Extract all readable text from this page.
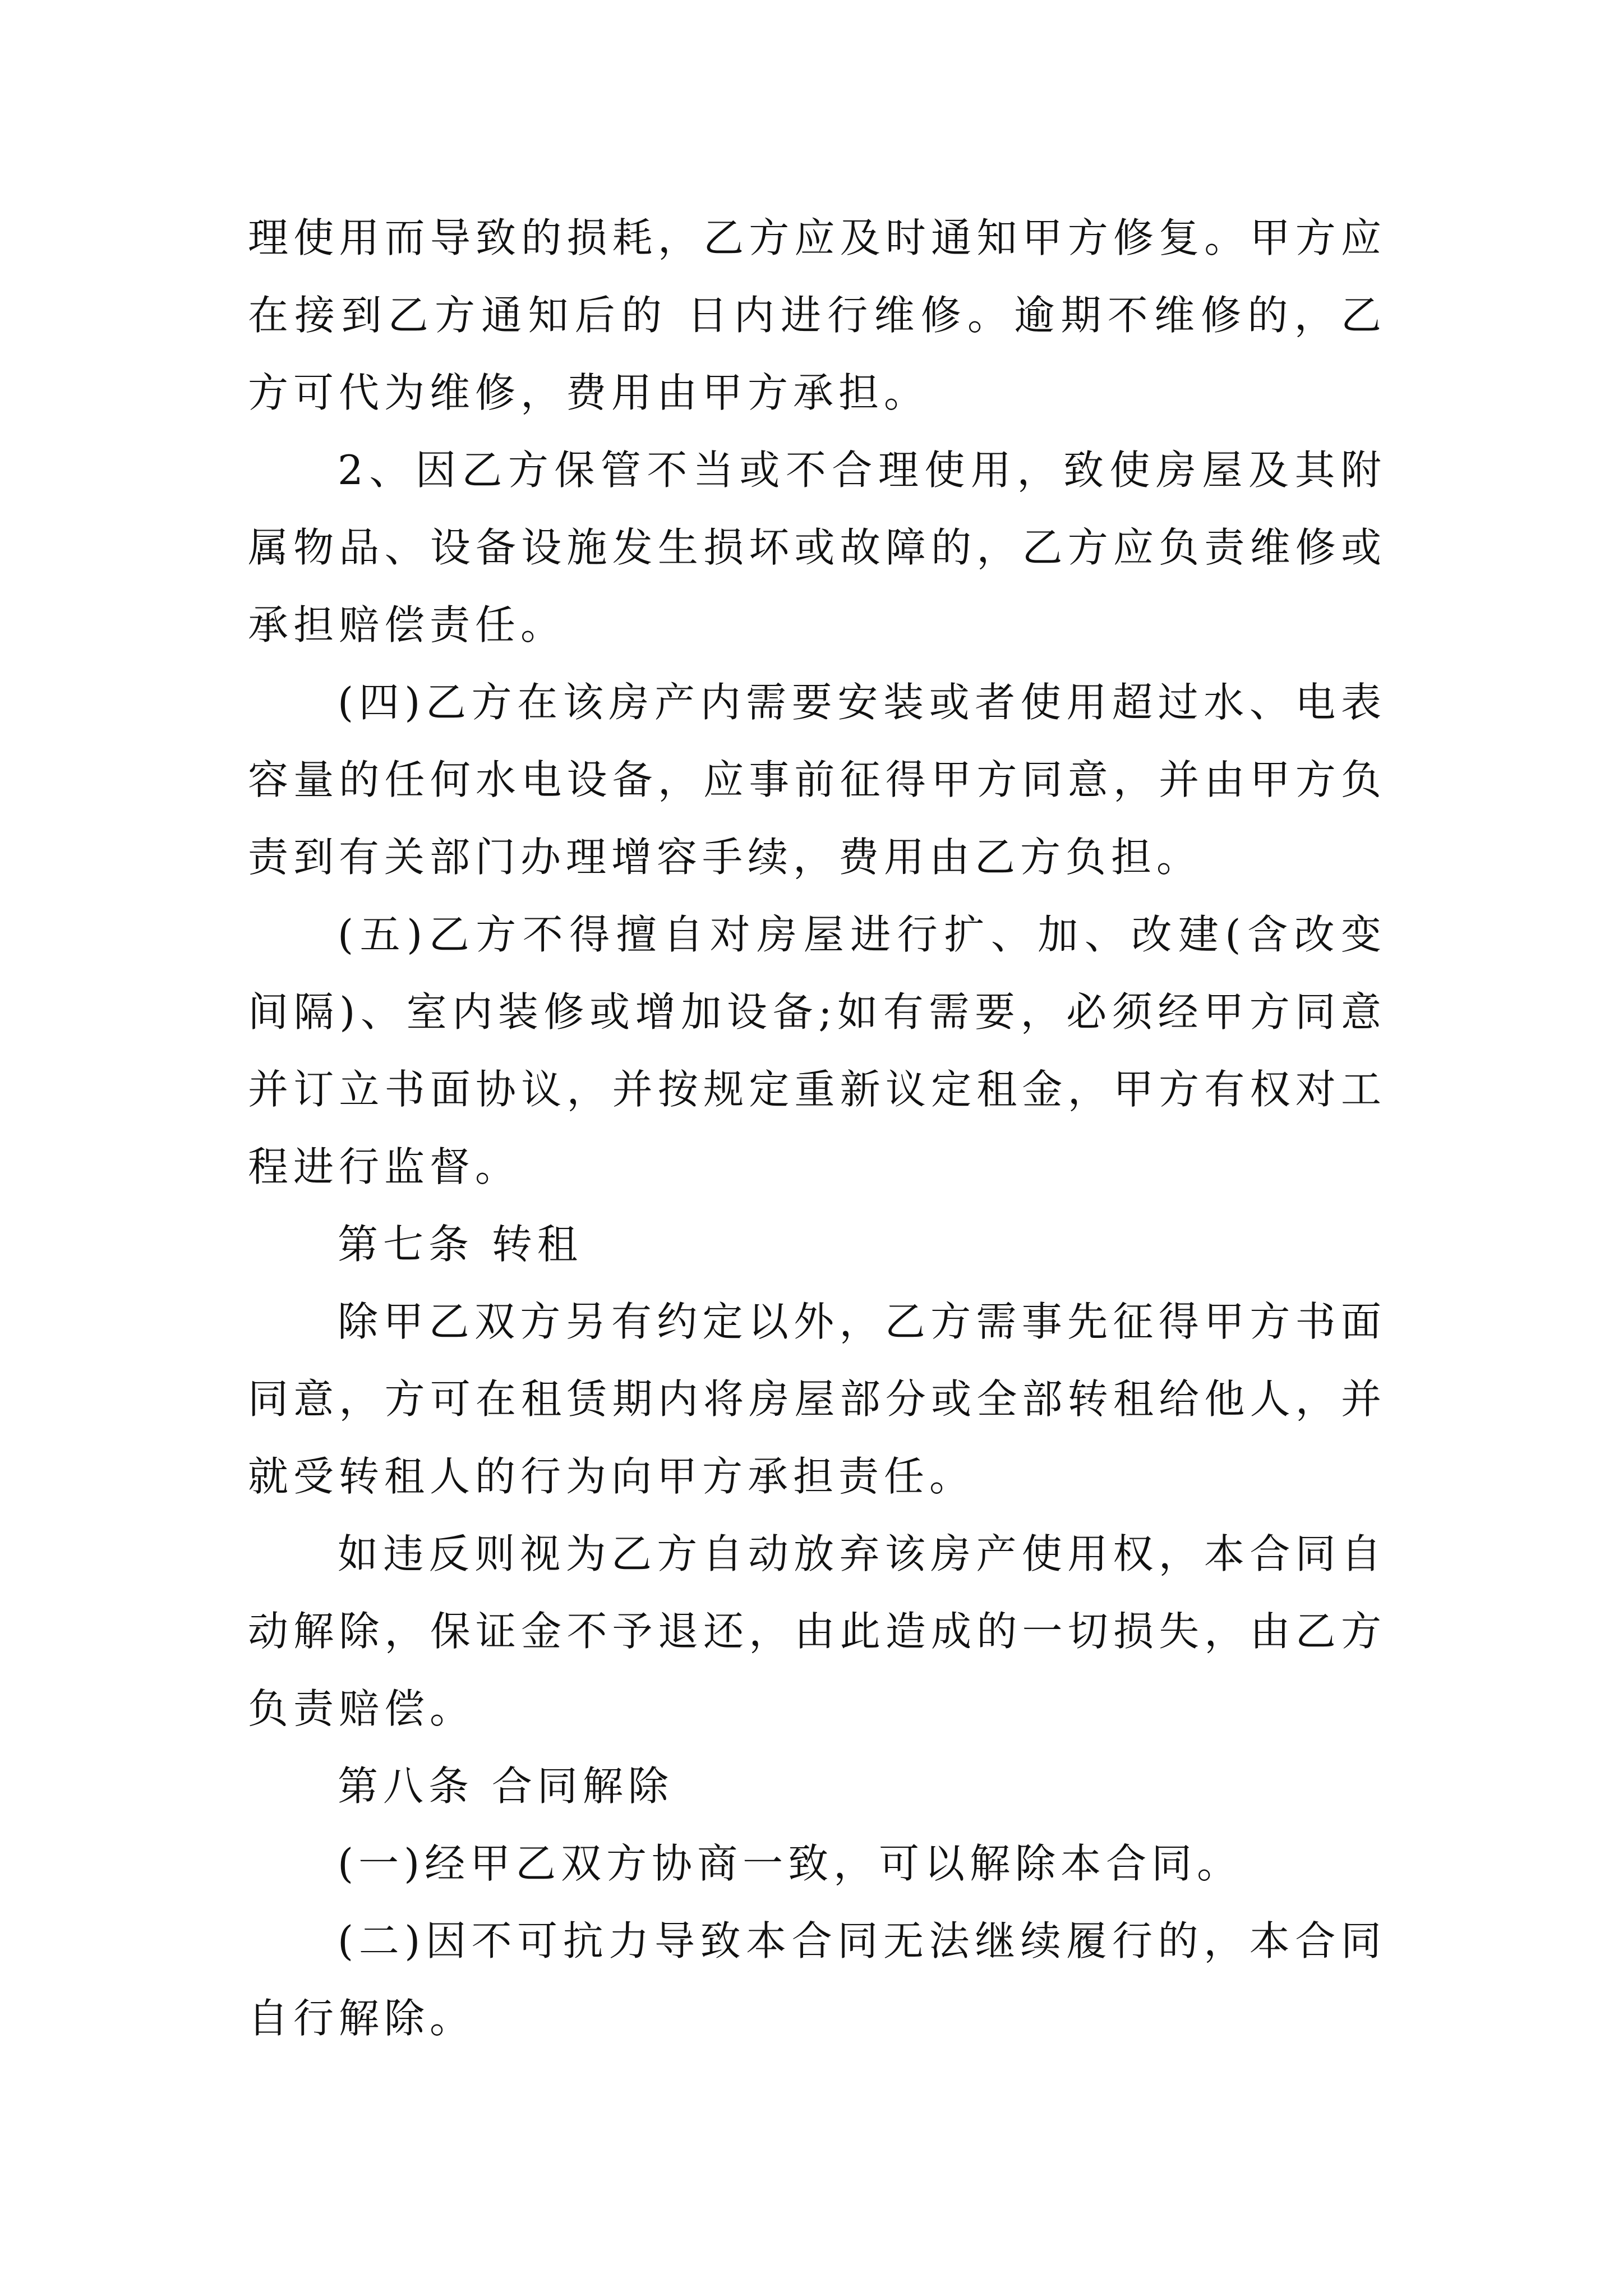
理使用而导致的损耗，乙方应及时通知甲方修复。甲方应在接到乙方通知后的 日内进行维修。逾期不维修的，乙方可代为维修，费用由甲方承担。

2、因乙方保管不当或不合理使用，致使房屋及其附属物品、设备设施发生损坏或故障的，乙方应负责维修或承担赔偿责任。

(四)乙方在该房产内需要安装或者使用超过水、电表容量的任何水电设备，应事前征得甲方同意，并由甲方负责到有关部门办理增容手续，费用由乙方负担。

(五)乙方不得擅自对房屋进行扩、加、改建(含改变间隔)、室内装修或增加设备;如有需要，必须经甲方同意并订立书面协议，并按规定重新议定租金，甲方有权对工程进行监督。

第七条 转租

除甲乙双方另有约定以外，乙方需事先征得甲方书面同意，方可在租赁期内将房屋部分或全部转租给他人，并就受转租人的行为向甲方承担责任。

如违反则视为乙方自动放弃该房产使用权，本合同自动解除，保证金不予退还，由此造成的一切损失，由乙方负责赔偿。

第八条 合同解除

(一)经甲乙双方协商一致，可以解除本合同。

(二)因不可抗力导致本合同无法继续履行的，本合同自行解除。
